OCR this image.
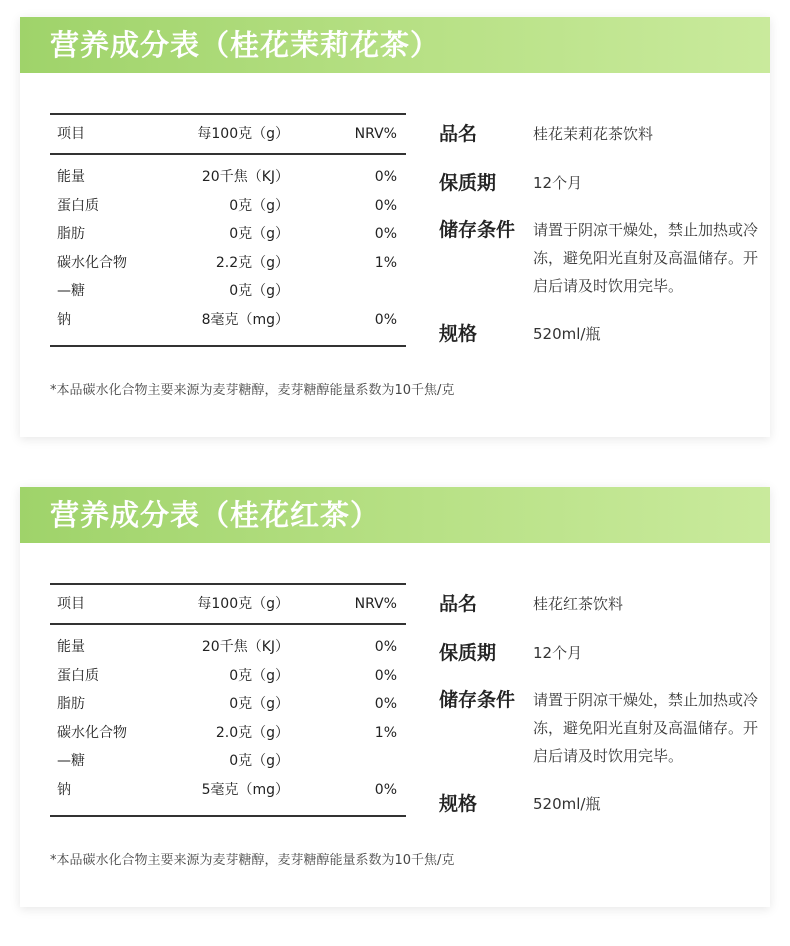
营养成分表（桂花茉莉花茶）
项目	每100克（g）	NRV%
能量	20千焦（KJ）	0%
蛋白质	0克（g）	0%
脂肪	0克（g）	0%
碳水化合物	2.2克（g）	1%
—糖	0克（g）
钠	8毫克（mg）	0%
品名	桂花茉莉花茶饮料
保质期 12个月
储存条件 请置于阴凉干燥处，禁止加热或冷冻，避免阳光直射及高温储存。开启后请及时饮用完毕。
规格	520ml/瓶
*本品碳水化合物主要来源为麦芽糖醇，麦芽糖醇能量系数为10千焦/克
营养成分表（桂花红茶）
项目	每100克（g）	NRV%
能量	20千焦（KJ）	0%
蛋白质	0克（g）	0%
脂肪	0克（g）	0%
碳水化合物	2.0克（g）	1%
—糖	0克（g）
钠	5毫克（mg）	0%
品名	桂花红茶饮料
保质期 12个月
储存条件 请置于阴凉干燥处，禁止加热或冷冻，避免阳光直射及高温储存。开启后请及时饮用完毕。
规格	520ml/瓶
*本品碳水化合物主要来源为麦芽糖醇，麦芽糖醇能量系数为10千焦/克
